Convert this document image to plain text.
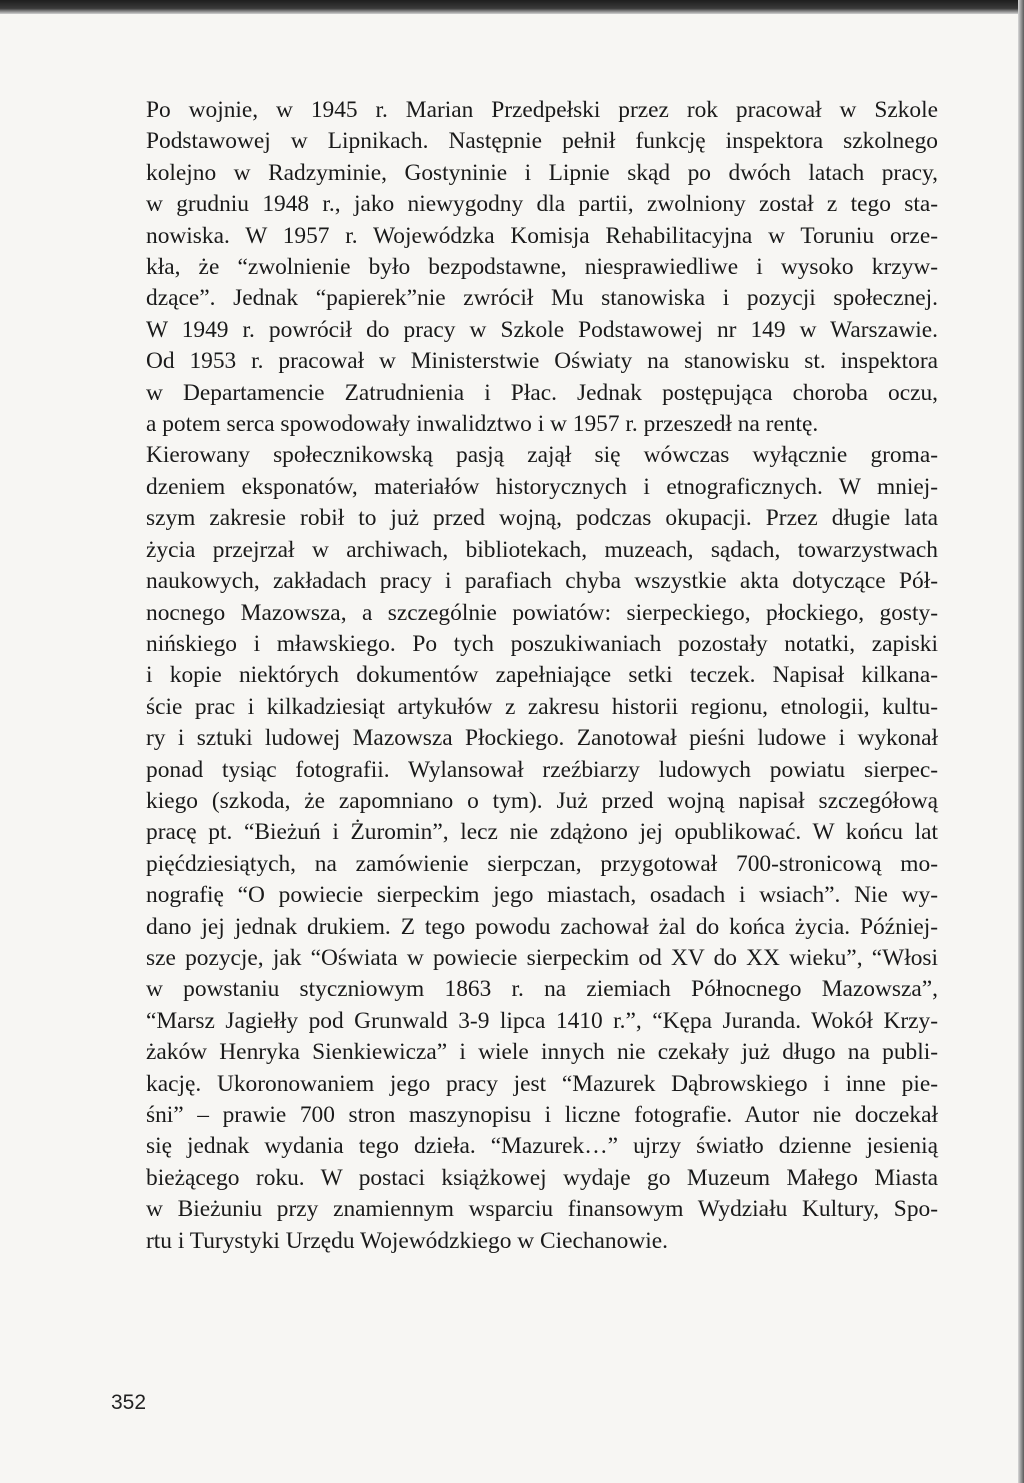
Po wojnie, w 1945 r. Marian Przedpełski przez rok pracował w Szkole
Podstawowej w Lipnikach. Następnie pełnił funkcję inspektora szkolnego
kolejno w Radzyminie, Gostyninie i Lipnie skąd po dwóch latach pracy,
w grudniu 1948 r., jako niewygodny dla partii, zwolniony został z tego sta-
nowiska. W 1957 r. Wojewódzka Komisja Rehabilitacyjna w Toruniu orze-
kła, że “zwolnienie było bezpodstawne, niesprawiedliwe i wysoko krzyw-
dzące”. Jednak “papierek”nie zwrócił Mu stanowiska i pozycji społecznej.
W 1949 r. powrócił do pracy w Szkole Podstawowej nr 149 w Warszawie.
Od 1953 r. pracował w Ministerstwie Oświaty na stanowisku st. inspektora
w Departamencie Zatrudnienia i Płac. Jednak postępująca choroba oczu,
a potem serca spowodowały inwalidztwo i w 1957 r. przeszedł na rentę.
Kierowany społecznikowską pasją zajął się wówczas wyłącznie groma-
dzeniem eksponatów, materiałów historycznych i etnograficznych. W mniej-
szym zakresie robił to już przed wojną, podczas okupacji. Przez długie lata
życia przejrzał w archiwach, bibliotekach, muzeach, sądach, towarzystwach
naukowych, zakładach pracy i parafiach chyba wszystkie akta dotyczące Pół-
nocnego Mazowsza, a szczególnie powiatów: sierpeckiego, płockiego, gosty-
nińskiego i mławskiego. Po tych poszukiwaniach pozostały notatki, zapiski
i kopie niektórych dokumentów zapełniające setki teczek. Napisał kilkana-
ście prac i kilkadziesiąt artykułów z zakresu historii regionu, etnologii, kultu-
ry i sztuki ludowej Mazowsza Płockiego. Zanotował pieśni ludowe i wykonał
ponad tysiąc fotografii. Wylansował rzeźbiarzy ludowych powiatu sierpec-
kiego (szkoda, że zapomniano o tym). Już przed wojną napisał szczegółową
pracę pt. “Bieżuń i Żuromin”, lecz nie zdążono jej opublikować. W końcu lat
pięćdziesiątych, na zamówienie sierpczan, przygotował 700-stronicową mo-
nografię “O powiecie sierpeckim jego miastach, osadach i wsiach”. Nie wy-
dano jej jednak drukiem. Z tego powodu zachował żal do końca życia. Później-
sze pozycje, jak “Oświata w powiecie sierpeckim od XV do XX wieku”, “Włosi
w powstaniu styczniowym 1863 r. na ziemiach Północnego Mazowsza”,
“Marsz Jagiełły pod Grunwald 3-9 lipca 1410 r.”, “Kępa Juranda. Wokół Krzy-
żaków Henryka Sienkiewicza” i wiele innych nie czekały już długo na publi-
kację. Ukoronowaniem jego pracy jest “Mazurek Dąbrowskiego i inne pie-
śni” – prawie 700 stron maszynopisu i liczne fotografie. Autor nie doczekał
się jednak wydania tego dzieła. “Mazurek…” ujrzy światło dzienne jesienią
bieżącego roku. W postaci książkowej wydaje go Muzeum Małego Miasta
w Bieżuniu przy znamiennym wsparciu finansowym Wydziału Kultury, Spo-
rtu i Turystyki Urzędu Wojewódzkiego w Ciechanowie.
352
